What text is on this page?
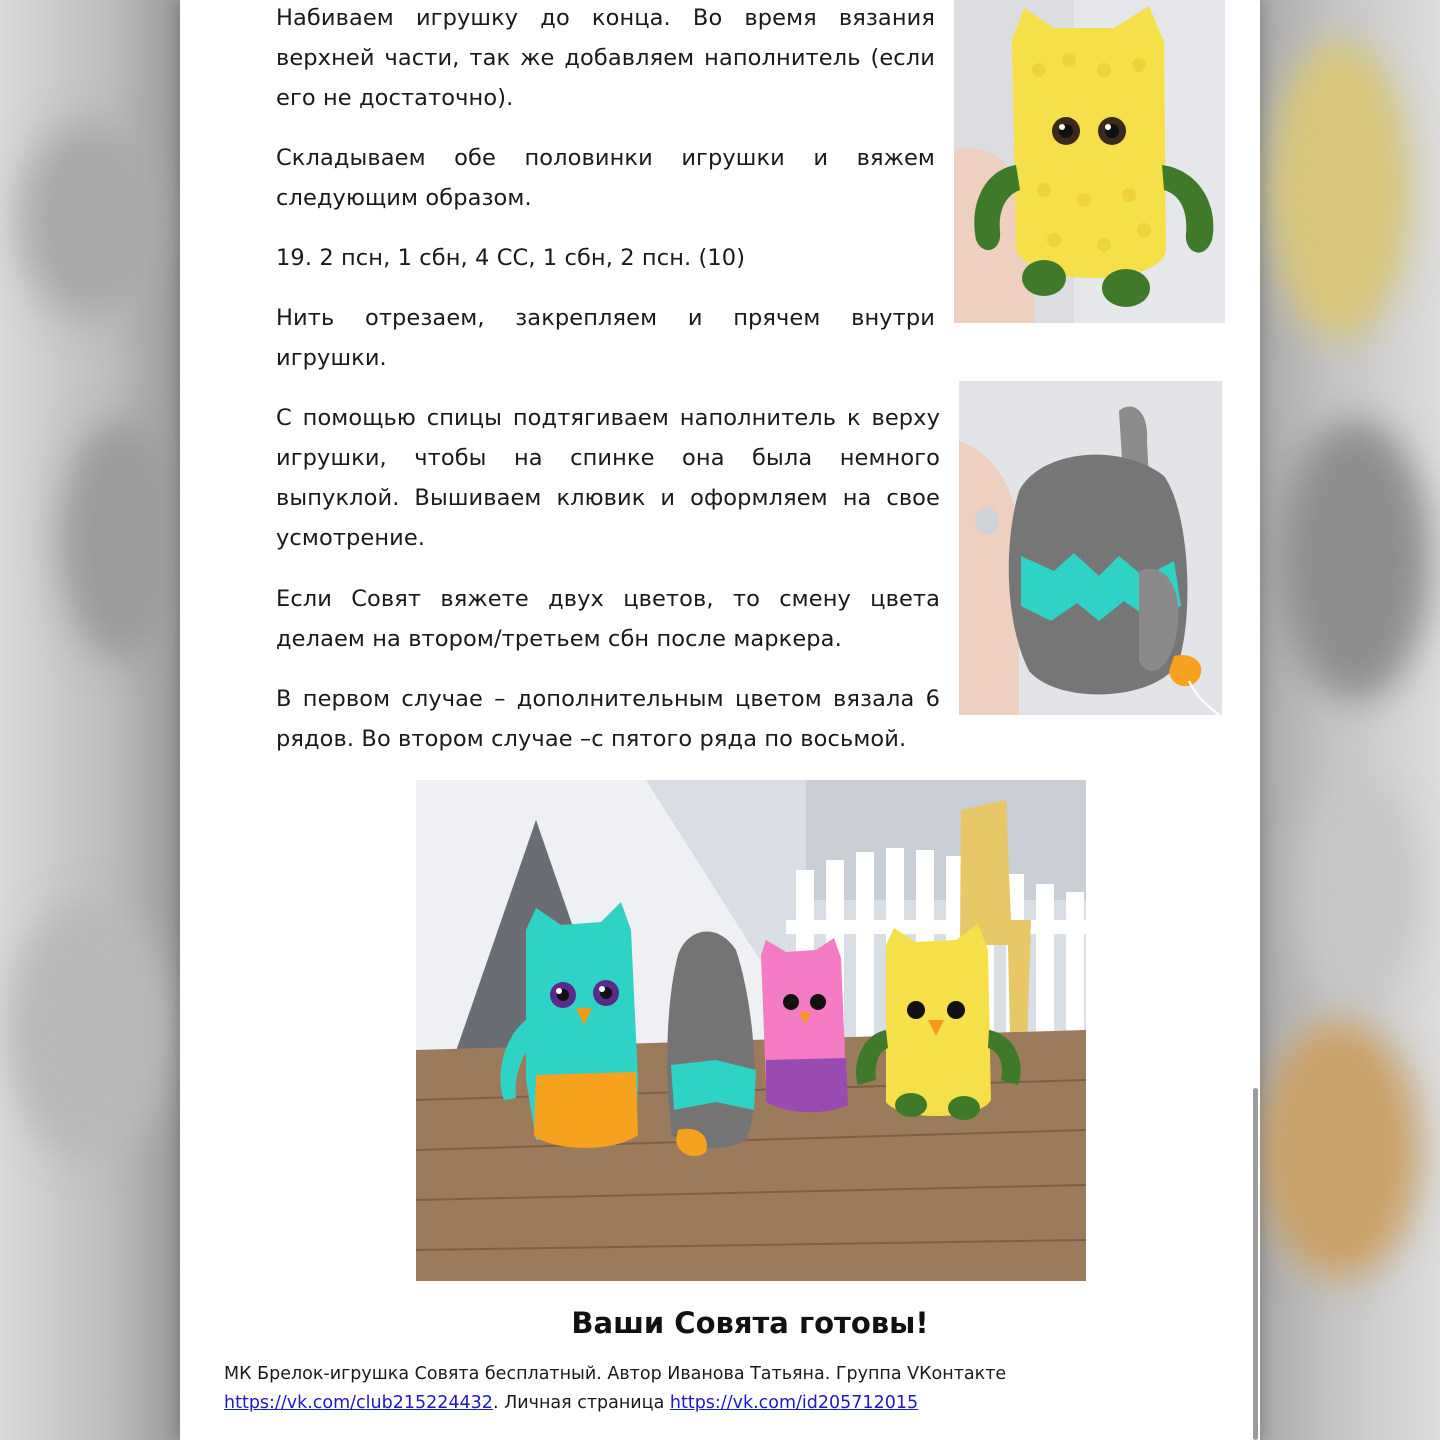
Набиваем игрушку до конца. Во время вязания верхней части, так же добавляем наполнитель (если его не достаточно).

Складываем обе половинки игрушки и вяжем следующим образом.

19. 2 псн, 1 сбн, 4 СС, 1 сбн, 2 псн. (10)

Нить отрезаем, закрепляем и прячем внутри игрушки.

С помощью спицы подтягиваем наполнитель к верху игрушки, чтобы на спинке она была немного выпуклой. Вышиваем клювик и оформляем на свое усмотрение.

Если Совят вяжете двух цветов, то смену цвета делаем на втором/третьем сбн после маркера.

В первом случае – дополнительным цветом вязала 6 рядов. Во втором случае –с пятого ряда по восьмой.

Ваши Совята готовы!

МК Брелок-игрушка Совята бесплатный. Автор Иванова Татьяна. Группа VКонтакте
https://vk.com/club215224432. Личная страница https://vk.com/id205712015
